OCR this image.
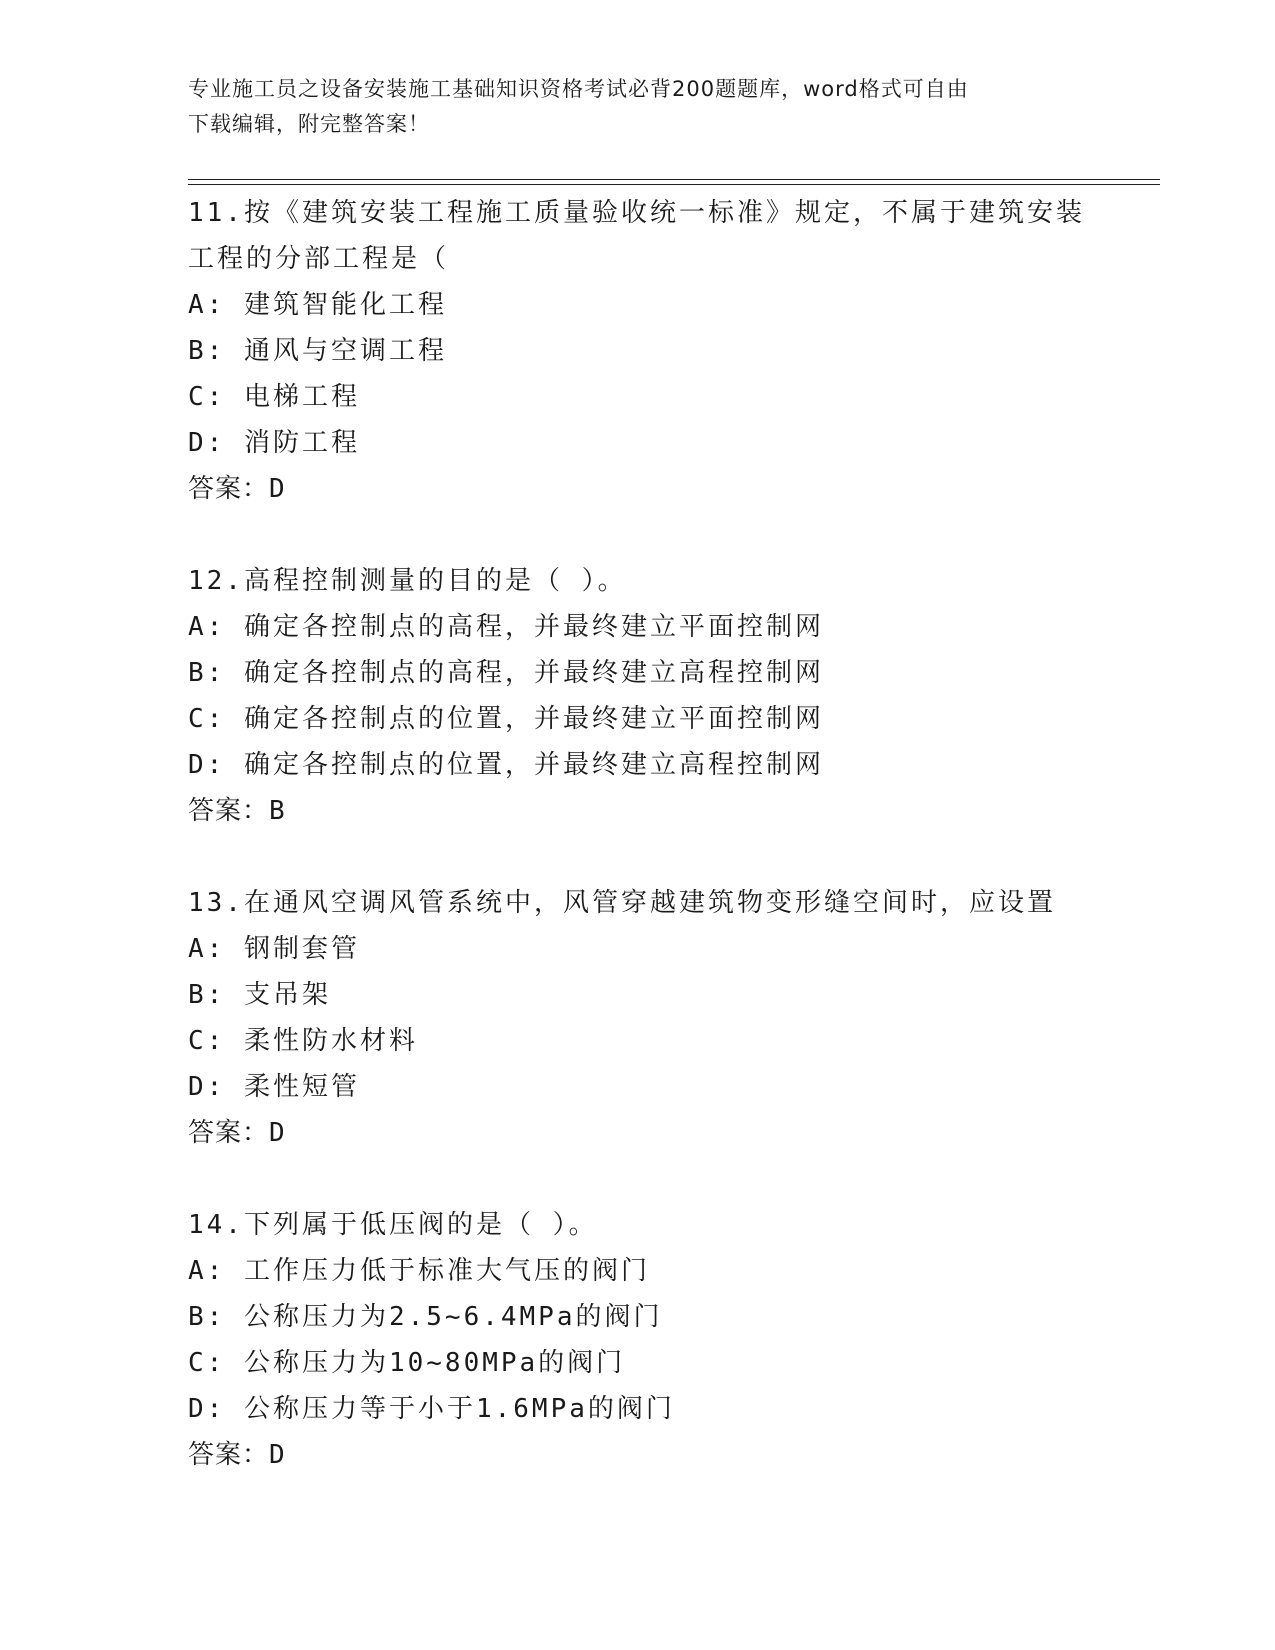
专业施工员之设备安装施工基础知识资格考试必背200题题库，word格式可自由
下载编辑，附完整答案！
11.按《建筑安装工程施工质量验收统一标准》规定，不属于建筑安装
工程的分部工程是（
A: 建筑智能化工程
B: 通风与空调工程
C: 电梯工程
D: 消防工程
答案：D
12.高程控制测量的目的是（ ）。
A: 确定各控制点的高程，并最终建立平面控制网
B: 确定各控制点的高程，并最终建立高程控制网
C: 确定各控制点的位置，并最终建立平面控制网
D: 确定各控制点的位置，并最终建立高程控制网
答案：B
13.在通风空调风管系统中，风管穿越建筑物变形缝空间时，应设置
A: 钢制套管
B: 支吊架
C: 柔性防水材料
D: 柔性短管
答案：D
14.下列属于低压阀的是（ ）。
A: 工作压力低于标准大气压的阀门
B: 公称压力为2.5~6.4MPa的阀门
C: 公称压力为10~80MPa的阀门
D: 公称压力等于小于1.6MPa的阀门
答案：D
